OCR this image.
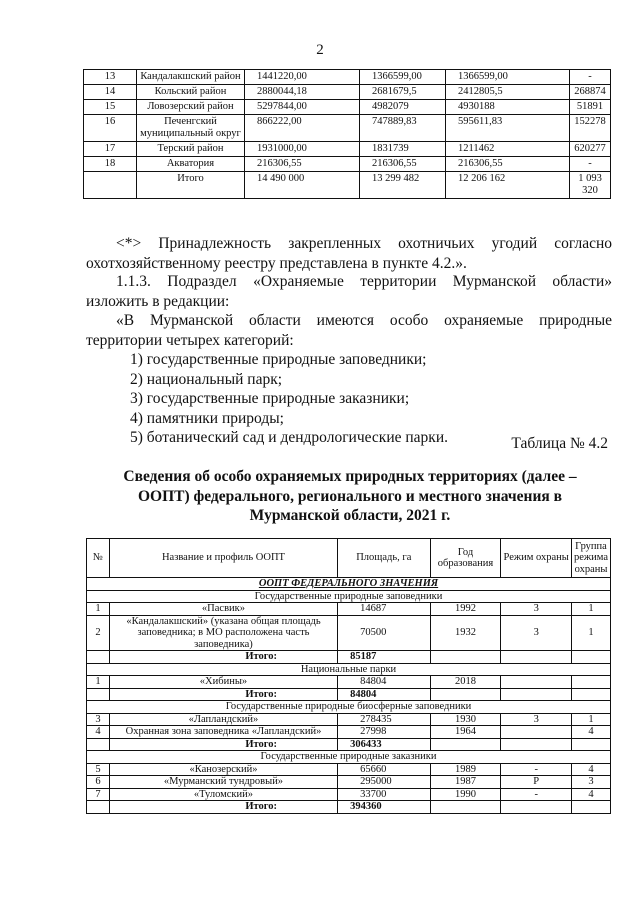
2
13	Кандалакшский район	1441220,00	1366599,00	1366599,00	-
14	Кольский район	2880044,18	2681679,5	2412805,5	268874
15	Ловозерский район	5297844,00	4982079	4930188	51891
16	Печенгский муниципальный округ	866222,00	747889,83	595611,83	152278
17	Терский район	1931000,00	1831739	1211462	620277
18	Акватория	216306,55	216306,55	216306,55	-
	Итого	14 490 000	13 299 482	12 206 162	1 093 320
<*> Принадлежность закрепленных охотничьих угодий согласно охотхозяйственному реестру представлена в пункте 4.2.».
1.1.3. Подраздел «Охраняемые территории Мурманской области» изложить в редакции:
«В Мурманской области имеются особо охраняемые природные территории четырех категорий:
1) государственные природные заповедники;
2) национальный парк;
3) государственные природные заказники;
4) памятники природы;
5) ботанический сад и дендрологические парки.	Таблица № 4.2
Сведения об особо охраняемых природных территориях (далее – ООПТ) федерального, регионального и местного значения в Мурманской области, 2021 г.
№	Название и профиль ООПТ	Площадь, га	Год образования	Режим охраны	Группа режима охраны
ООПТ ФЕДЕРАЛЬНОГО ЗНАЧЕНИЯ					
Государственные природные заповедники					
1	«Пасвик»	14687	1992	3	1
2	«Кандалакшский» (указана общая площадь заповедника; в МО расположена часть заповедника)	70500	1932	3	1
	Итого:	85187			
Национальные парки					
1	«Хибины»	84804	2018		
	Итого:	84804			
Государственные природные биосферные заповедники					
3	«Лапландский»	278435	1930	3	1
4	Охранная зона заповедника «Лапландский»	27998	1964		4
	Итого:	306433			
Государственные природные заказники					
5	«Канозерский»	65660	1989	-	4
6	«Мурманский тундровый»	295000	1987	Р	3
7	«Туломский»	33700	1990	-	4
	Итого:	394360			
